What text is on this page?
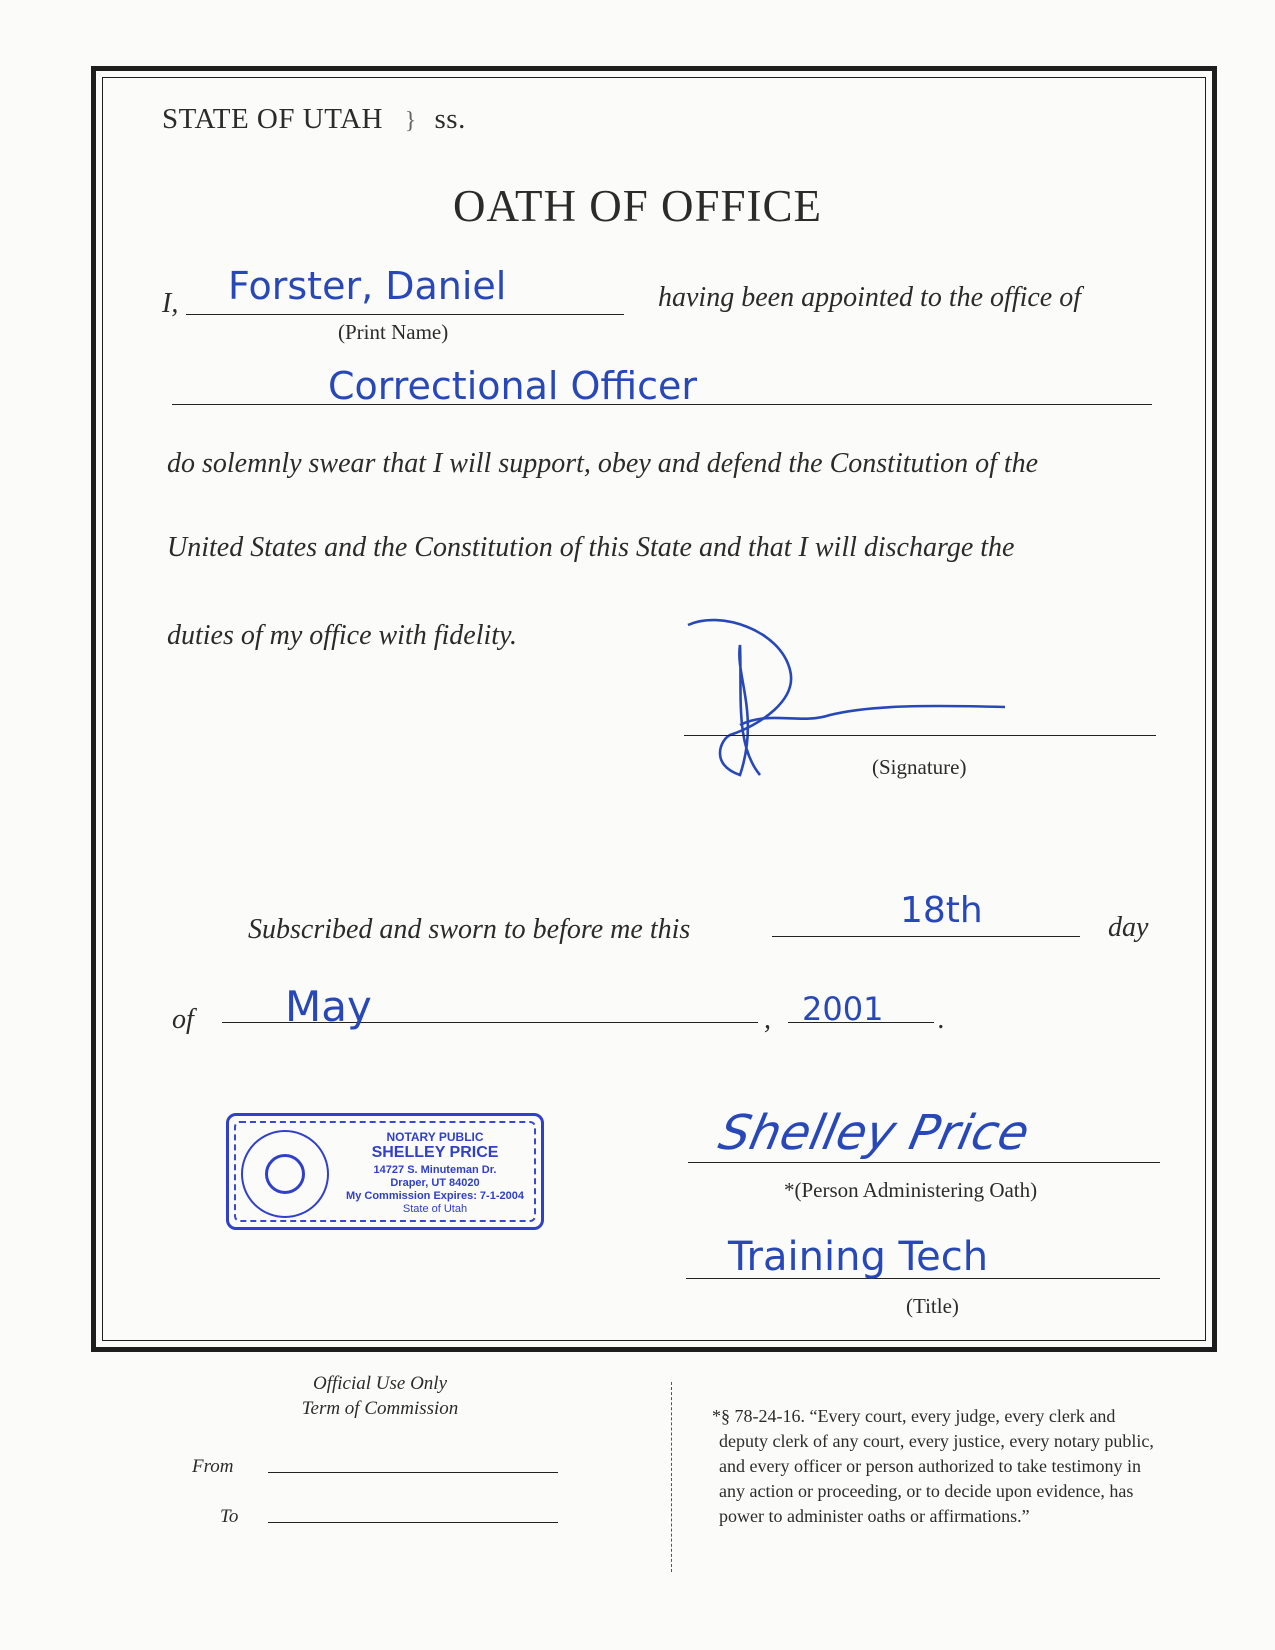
STATE OF UTAH } ss.
OATH OF OFFICE
I, Forster, Daniel
(Print Name)
having been appointed to the office of
Correctional Officer
do solemnly swear that I will support, obey and defend the Constitution of the
United States and the Constitution of this State and that I will discharge the
duties of my office with fidelity.
(Signature)
Subscribed and sworn to before me this	18th	day
of May	, 2001 .
NOTARY PUBLIC
SHELLEY PRICE
14727 S. Minuteman Dr.
Draper, UT 84020
My Commission Expires: 7-1-2004
State of Utah
Shelley Price
*(Person Administering Oath)
Training Tech
(Title)
Official Use Only
Term of Commission
From
To
*§ 78-24-16. “Every court, every judge, every clerk and
deputy clerk of any court, every justice, every notary public,
and every officer or person authorized to take testimony in
any action or proceeding, or to decide upon evidence, has
power to administer oaths or affirmations.”
